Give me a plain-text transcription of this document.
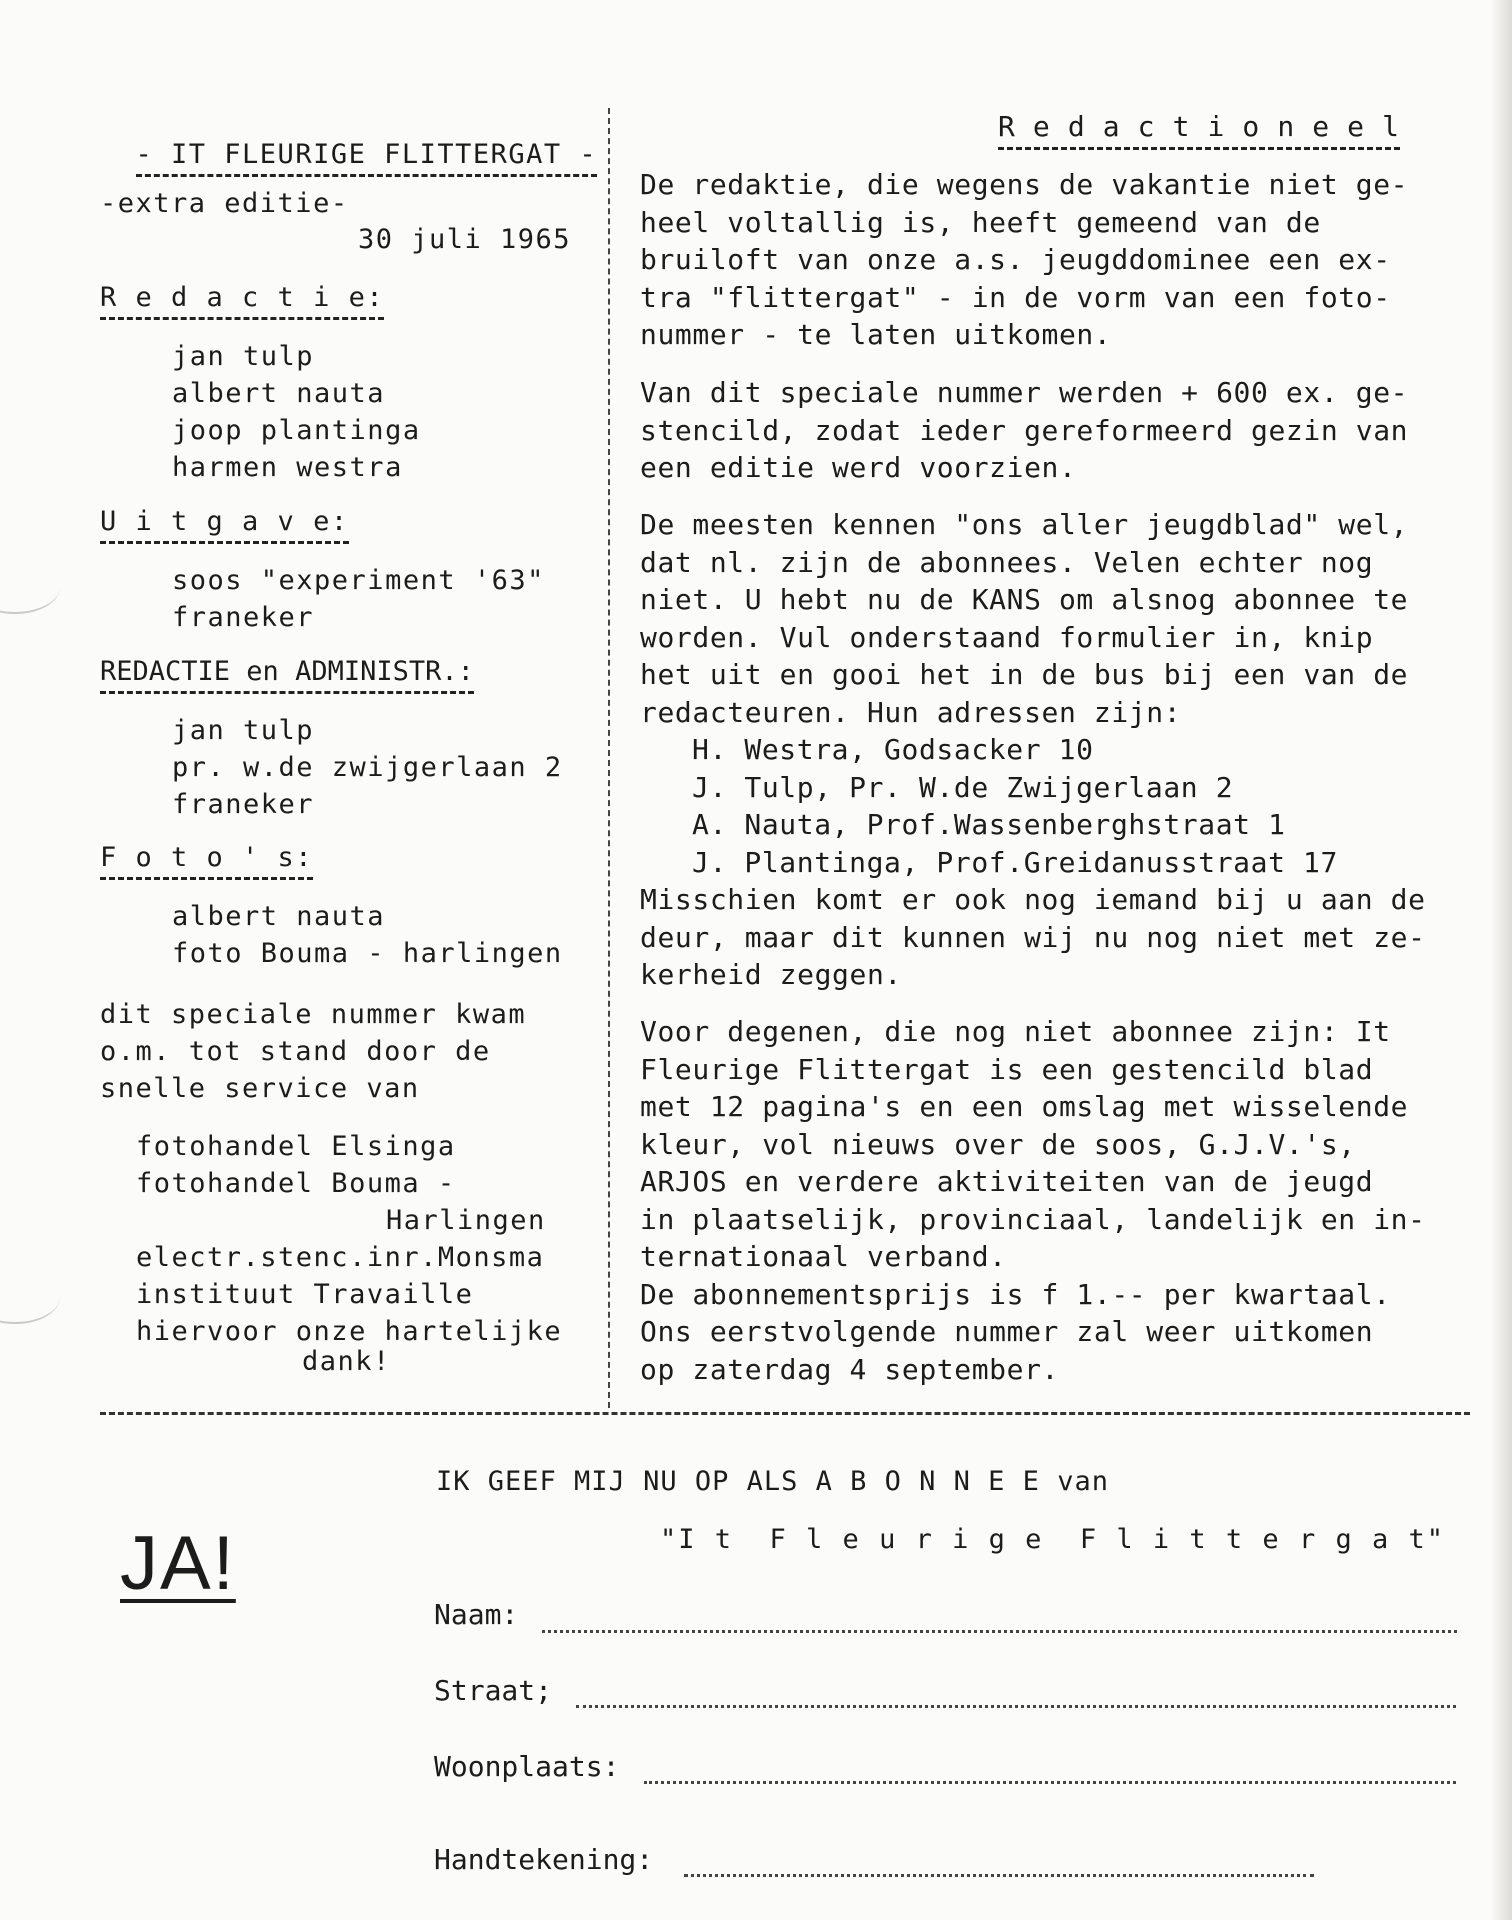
- IT FLEURIGE FLITTERGAT -

-extra editie-
30 juli 1965
R e d a c t i e:
jan tulp
albert nauta
joop plantinga
harmen westra
U i t g a v e:
soos "experiment '63"
franeker
REDACTIE en ADMINISTR.:
jan tulp
pr. w.de zwijgerlaan 2
franeker
F o t o ' s:
albert nauta
foto Bouma - harlingen
dit speciale nummer kwam
o.m. tot stand door de
snelle service van
fotohandel Elsinga
fotohandel Bouma -
Harlingen
electr.stenc.inr.Monsma
instituut Travaille
hiervoor onze hartelijke
dank!
R e d a c t i o n e e l
De redaktie, die wegens de vakantie niet ge-
heel voltallig is, heeft gemeend van de
bruiloft van onze a.s. jeugddominee een ex-
tra "flittergat" - in de vorm van een foto-
nummer - te laten uitkomen.
Van dit speciale nummer werden + 600 ex. ge-
stencild, zodat ieder gereformeerd gezin van
een editie werd voorzien.
De meesten kennen "ons aller jeugdblad" wel,
dat nl. zijn de abonnees. Velen echter nog
niet. U hebt nu de KANS om alsnog abonnee te
worden. Vul onderstaand formulier in, knip
het uit en gooi het in de bus bij een van de
redacteuren. Hun adressen zijn:
H. Westra, Godsacker 10
J. Tulp, Pr. W.de Zwijgerlaan 2
A. Nauta, Prof.Wassenberghstraat 1
J. Plantinga, Prof.Greidanusstraat 17
Misschien komt er ook nog iemand bij u aan de
deur, maar dit kunnen wij nu nog niet met ze-
kerheid zeggen.
Voor degenen, die nog niet abonnee zijn: It
Fleurige Flittergat is een gestencild blad
met 12 pagina's en een omslag met wisselende
kleur, vol nieuws over de soos, G.J.V.'s,
ARJOS en verdere aktiviteiten van de jeugd
in plaatselijk, provinciaal, landelijk en in-
ternationaal verband.
De abonnementsprijs is f 1.-- per kwartaal.
Ons eerstvolgende nummer zal weer uitkomen
op zaterdag 4 september.
JA!
IK GEEF MIJ NU OP ALS A B O N N E E van
"I t  F l e u r i g e  F l i t t e r g a t"
Naam:
Straat;
Woonplaats:
Handtekening:
